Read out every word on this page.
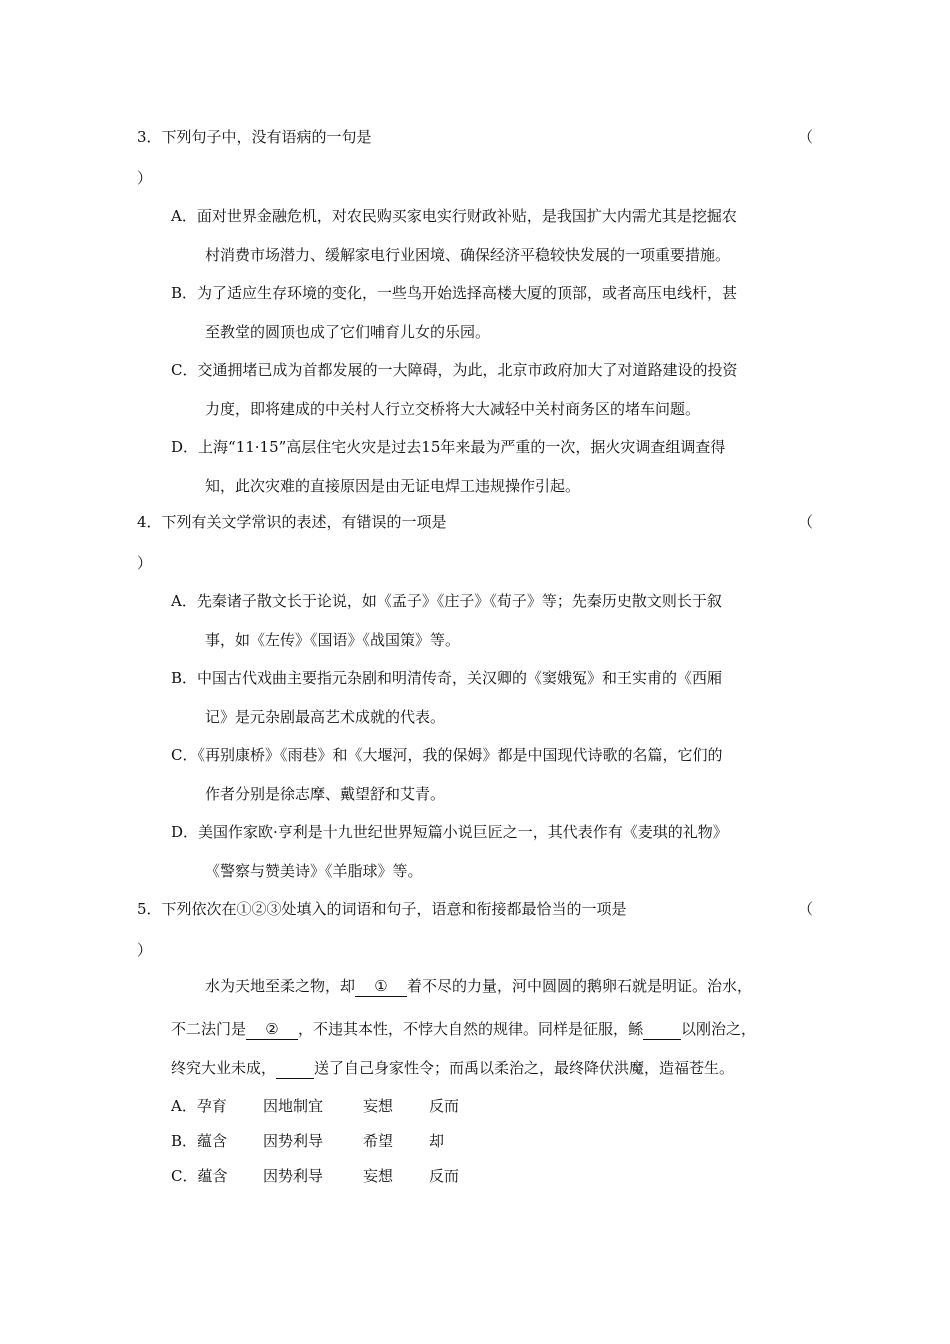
3．下列句子中，没有语病的一句是	（
）
A．面对世界金融危机，对农民购买家电实行财政补贴，是我国扩大内需尤其是挖掘农
村消费市场潜力、缓解家电行业困境、确保经济平稳较快发展的一项重要措施。
B．为了适应生存环境的变化，一些鸟开始选择高楼大厦的顶部，或者高压电线杆，甚
至教堂的圆顶也成了它们哺育儿女的乐园。
C．交通拥堵已成为首都发展的一大障碍，为此，北京市政府加大了对道路建设的投资
力度，即将建成的中关村人行立交桥将大大减轻中关村商务区的堵车问题。
D．上海“11·15”高层住宅火灾是过去15年来最为严重的一次，据火灾调查组调查得
知，此次灾难的直接原因是由无证电焊工违规操作引起。
4．下列有关文学常识的表述，有错误的一项是	（
）
A．先秦诸子散文长于论说，如《孟子》《庄子》《荀子》等；先秦历史散文则长于叙
事，如《左传》《国语》《战国策》等。
B．中国古代戏曲主要指元杂剧和明清传奇，关汉卿的《窦娥冤》和王实甫的《西厢
记》是元杂剧最高艺术成就的代表。
C．《再别康桥》《雨巷》和《大堰河，我的保姆》都是中国现代诗歌的名篇，它们的
作者分别是徐志摩、戴望舒和艾青。
D．美国作家欧·亨利是十九世纪世界短篇小说巨匠之一，其代表作有《麦琪的礼物》
《警察与赞美诗》《羊脂球》等。
5．下列依次在①②③处填入的词语和句子，语意和衔接都最恰当的一项是	（
）
水为天地至柔之物，却 ① 着不尽的力量，河中圆圆的鹅卵石就是明证。治水，
不二法门是 ② ，不违其本性，不悖大自然的规律。同样是征服，鲧	以刚治之，
终究大业未成，	送了自己身家性令；而禹以柔治之，最终降伏洪魔，造福苍生。
A．孕育 因地制宜	妄想 反而
B．蕴含 因势利导	希望 却
C．蕴含 因势利导	妄想 反而
